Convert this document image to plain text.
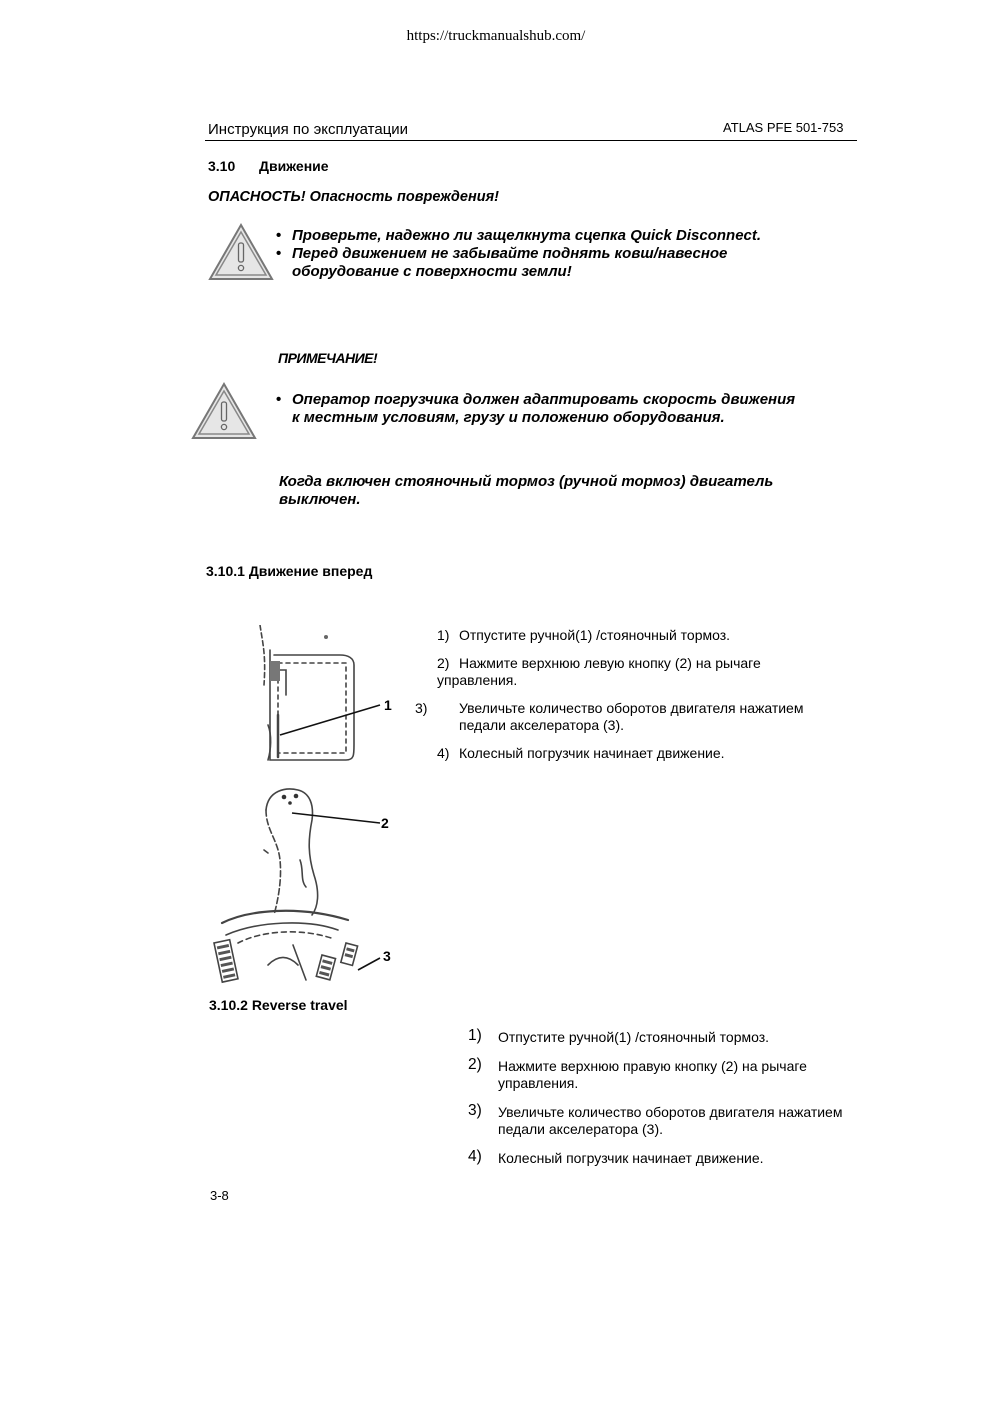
https://truckmanualshub.com/
Инструкция по эксплуатации	ATLAS PFE 501-753
3.10 Движение
ОПАСНОСТЬ! Опасность повреждения!
• Проверьте, надежно ли защелкнута сцепка Quick Disconnect.
• Перед движением не забывайте поднять ковш/навесное оборудование с поверхности земли!
ПРИМЕЧАНИЕ!
• Оператор погрузчика должен адаптировать скорость движения к местным условиям, грузу и положению оборудования.
Когда включен стояночный тормоз (ручной тормоз) двигатель выключен.
3.10.1 Движение вперед
1
2
3
1) Отпустите ручной(1) /стояночный тормоз.
2) Нажмите верхнюю левую кнопку (2) на рычаге управления.
3) Увеличьте количество оборотов двигателя нажатием педали акселератора (3).
4) Колесный погрузчик начинает движение.
3.10.2 Reverse travel
1) Отпустите ручной(1) /стояночный тормоз.
2) Нажмите верхнюю правую кнопку (2) на рычаге управления.
3) Увеличьте количество оборотов двигателя нажатием педали акселератора (3).
4) Колесный погрузчик начинает движение.
3-8
